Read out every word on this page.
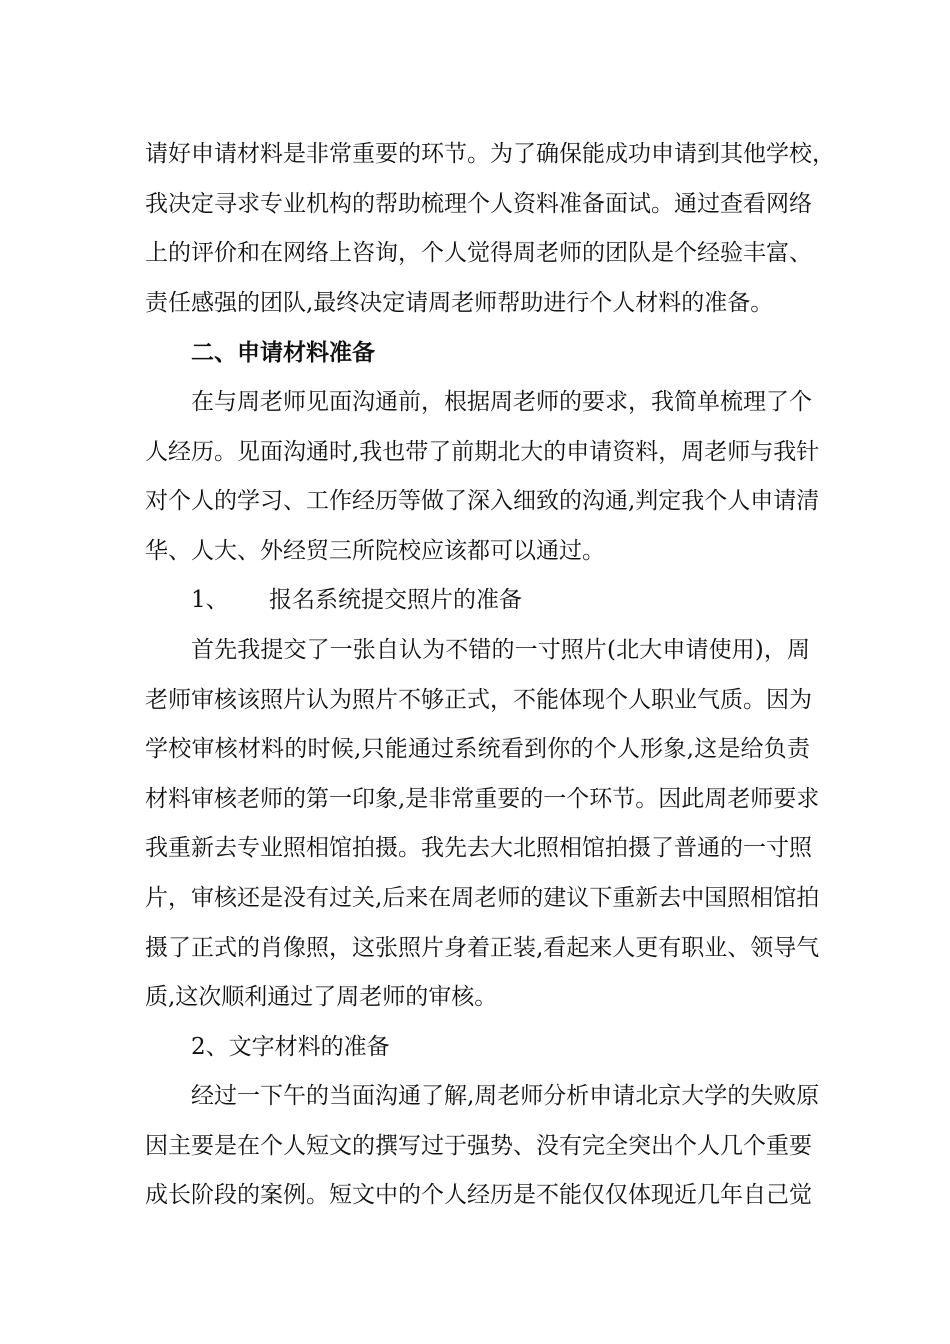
请好申请材料是非常重要的环节。为了确保能成功申请到其他学校，
我决定寻求专业机构的帮助梳理个人资料准备面试。通过查看网络
上的评价和在网络上咨询，个人觉得周老师的团队是个经验丰富、
责任感强的团队,最终决定请周老师帮助进行个人材料的准备。
二、申请材料准备
在与周老师见面沟通前，根据周老师的要求，我简单梳理了个
人经历。见面沟通时,我也带了前期北大的申请资料，周老师与我针
对个人的学习、工作经历等做了深入细致的沟通,判定我个人申请清
华、人大、外经贸三所院校应该都可以通过。
1、 报名系统提交照片的准备
首先我提交了一张自认为不错的一寸照片(北大申请使用)，周
老师审核该照片认为照片不够正式，不能体现个人职业气质。因为
学校审核材料的时候,只能通过系统看到你的个人形象,这是给负责
材料审核老师的第一印象,是非常重要的一个环节。因此周老师要求
我重新去专业照相馆拍摄。我先去大北照相馆拍摄了普通的一寸照
片，审核还是没有过关,后来在周老师的建议下重新去中国照相馆拍
摄了正式的肖像照，这张照片身着正装,看起来人更有职业、领导气
质,这次顺利通过了周老师的审核。
2、文字材料的准备
经过一下午的当面沟通了解,周老师分析申请北京大学的失败原
因主要是在个人短文的撰写过于强势、没有完全突出个人几个重要
成长阶段的案例。短文中的个人经历是不能仅仅体现近几年自己觉
